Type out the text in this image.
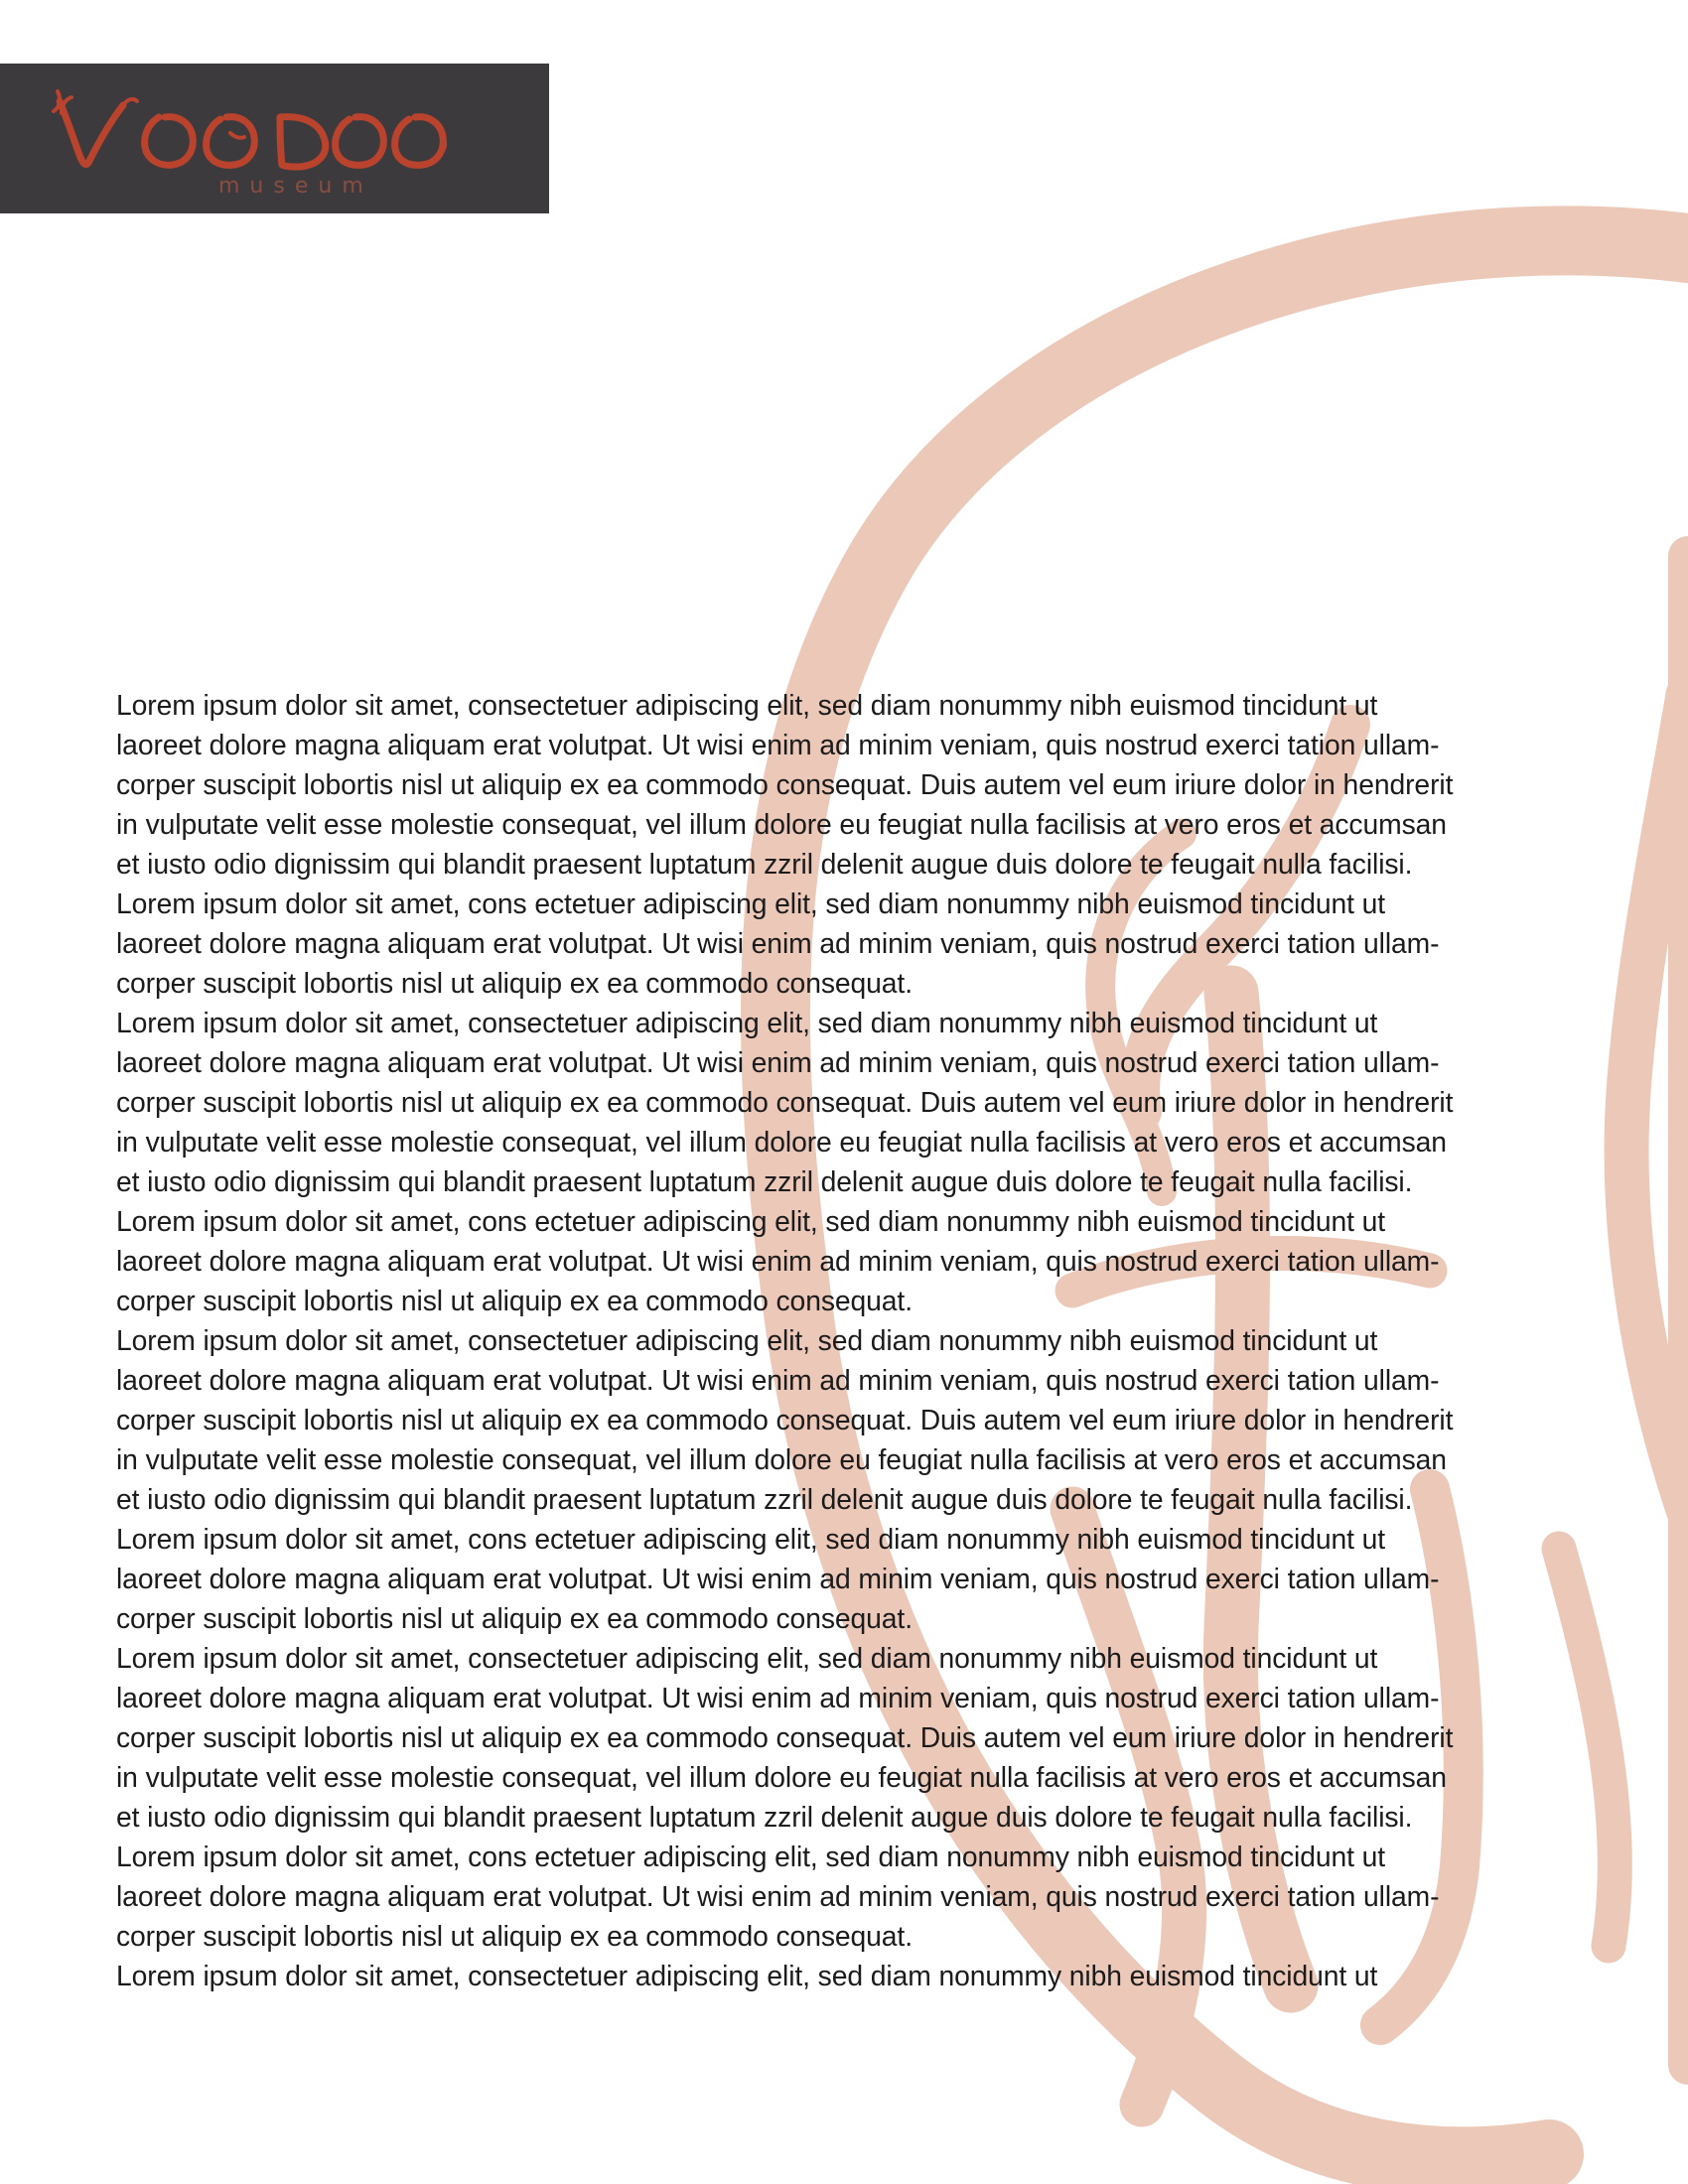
museum
Lorem ipsum dolor sit amet, consectetuer adipiscing elit, sed diam nonummy nibh euismod tincidunt ut
laoreet dolore magna aliquam erat volutpat. Ut wisi enim ad minim veniam, quis nostrud exerci tation ullam-
corper suscipit lobortis nisl ut aliquip ex ea commodo consequat. Duis autem vel eum iriure dolor in hendrerit
in vulputate velit esse molestie consequat, vel illum dolore eu feugiat nulla facilisis at vero eros et accumsan
et iusto odio dignissim qui blandit praesent luptatum zzril delenit augue duis dolore te feugait nulla facilisi.
Lorem ipsum dolor sit amet, cons ectetuer adipiscing elit, sed diam nonummy nibh euismod tincidunt ut
laoreet dolore magna aliquam erat volutpat. Ut wisi enim ad minim veniam, quis nostrud exerci tation ullam-
corper suscipit lobortis nisl ut aliquip ex ea commodo consequat.
Lorem ipsum dolor sit amet, consectetuer adipiscing elit, sed diam nonummy nibh euismod tincidunt ut
laoreet dolore magna aliquam erat volutpat. Ut wisi enim ad minim veniam, quis nostrud exerci tation ullam-
corper suscipit lobortis nisl ut aliquip ex ea commodo consequat. Duis autem vel eum iriure dolor in hendrerit
in vulputate velit esse molestie consequat, vel illum dolore eu feugiat nulla facilisis at vero eros et accumsan
et iusto odio dignissim qui blandit praesent luptatum zzril delenit augue duis dolore te feugait nulla facilisi.
Lorem ipsum dolor sit amet, cons ectetuer adipiscing elit, sed diam nonummy nibh euismod tincidunt ut
laoreet dolore magna aliquam erat volutpat. Ut wisi enim ad minim veniam, quis nostrud exerci tation ullam-
corper suscipit lobortis nisl ut aliquip ex ea commodo consequat.
Lorem ipsum dolor sit amet, consectetuer adipiscing elit, sed diam nonummy nibh euismod tincidunt ut
laoreet dolore magna aliquam erat volutpat. Ut wisi enim ad minim veniam, quis nostrud exerci tation ullam-
corper suscipit lobortis nisl ut aliquip ex ea commodo consequat. Duis autem vel eum iriure dolor in hendrerit
in vulputate velit esse molestie consequat, vel illum dolore eu feugiat nulla facilisis at vero eros et accumsan
et iusto odio dignissim qui blandit praesent luptatum zzril delenit augue duis dolore te feugait nulla facilisi.
Lorem ipsum dolor sit amet, cons ectetuer adipiscing elit, sed diam nonummy nibh euismod tincidunt ut
laoreet dolore magna aliquam erat volutpat. Ut wisi enim ad minim veniam, quis nostrud exerci tation ullam-
corper suscipit lobortis nisl ut aliquip ex ea commodo consequat.
Lorem ipsum dolor sit amet, consectetuer adipiscing elit, sed diam nonummy nibh euismod tincidunt ut
laoreet dolore magna aliquam erat volutpat. Ut wisi enim ad minim veniam, quis nostrud exerci tation ullam-
corper suscipit lobortis nisl ut aliquip ex ea commodo consequat. Duis autem vel eum iriure dolor in hendrerit
in vulputate velit esse molestie consequat, vel illum dolore eu feugiat nulla facilisis at vero eros et accumsan
et iusto odio dignissim qui blandit praesent luptatum zzril delenit augue duis dolore te feugait nulla facilisi.
Lorem ipsum dolor sit amet, cons ectetuer adipiscing elit, sed diam nonummy nibh euismod tincidunt ut
laoreet dolore magna aliquam erat volutpat. Ut wisi enim ad minim veniam, quis nostrud exerci tation ullam-
corper suscipit lobortis nisl ut aliquip ex ea commodo consequat.
Lorem ipsum dolor sit amet, consectetuer adipiscing elit, sed diam nonummy nibh euismod tincidunt ut
